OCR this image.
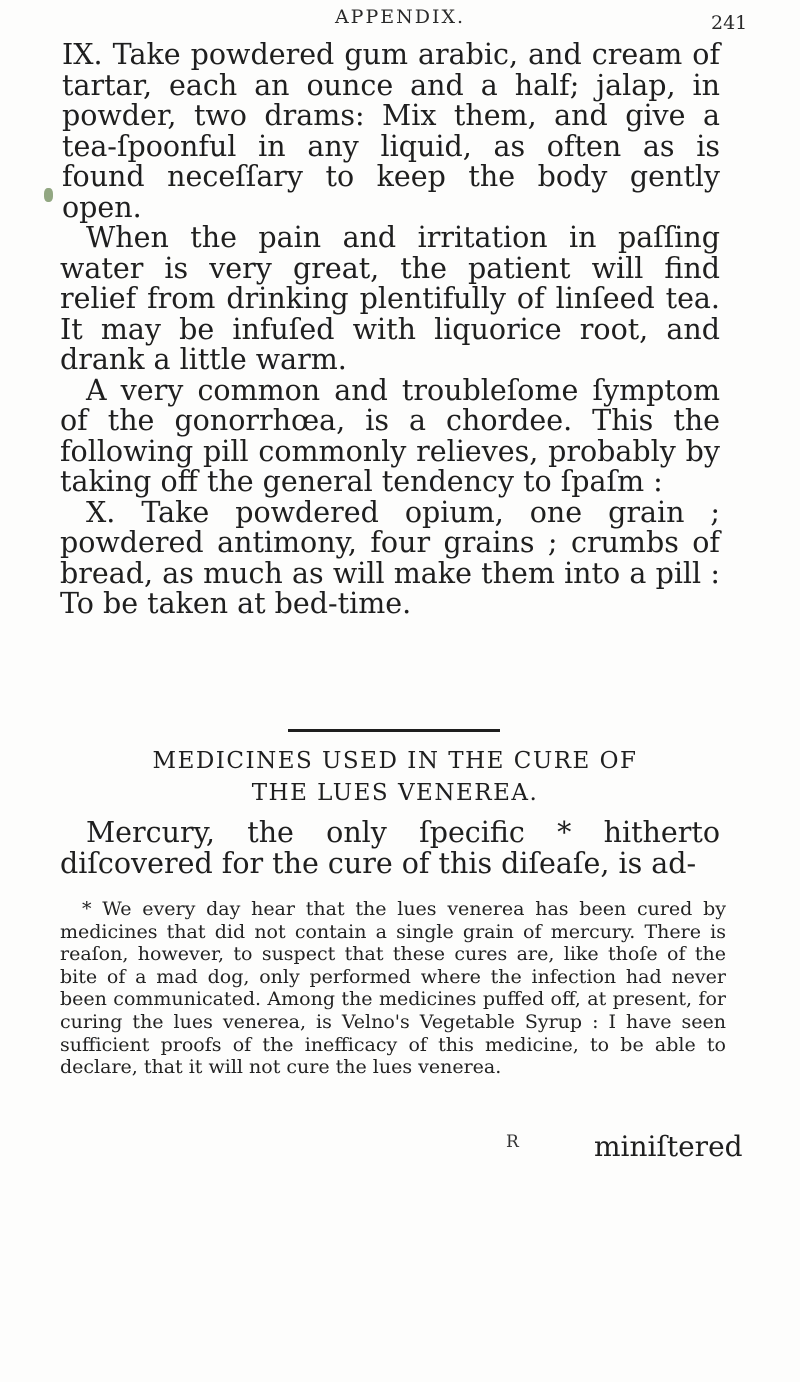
APPENDIX.	241

IX. Take powdered gum arabic, and cream of tartar, each an ounce and a half; jalap, in powder, two drams: Mix them, and give a tea-ſpoonful in any liquid, as often as is found neceſſary to keep the body gently open.

When the pain and irritation in paſſing water is very great, the patient will find relief from drinking plentifully of linſeed tea. It may be infuſed with liquorice root, and drank a little warm.

A very common and troubleſome ſymptom of the gonorrhœa, is a chordee. This the following pill commonly relieves, probably by taking off the general tendency to ſpaſm :

X. Take powdered opium, one grain ; powdered antimony, four grains ; crumbs of bread, as much as will make them into a pill : To be taken at bed-time.

MEDICINES USED IN THE CURE OF
THE LUES VENEREA.

Mercury, the only ſpecific * hitherto diſcovered for the cure of this diſeaſe, is ad-

* We every day hear that the lues venerea has been cured by medicines that did not contain a single grain of mercury. There is reaſon, however, to suspect that these cures are, like thoſe of the bite of a mad dog, only performed where the infection had never been communicated. Among the medicines puffed off, at present, for curing the lues venerea, is Velno's Vegetable Syrup : I have seen sufficient proofs of the inefficacy of this medicine, to be able to declare, that it will not cure the lues venerea.

R	miniſtered
